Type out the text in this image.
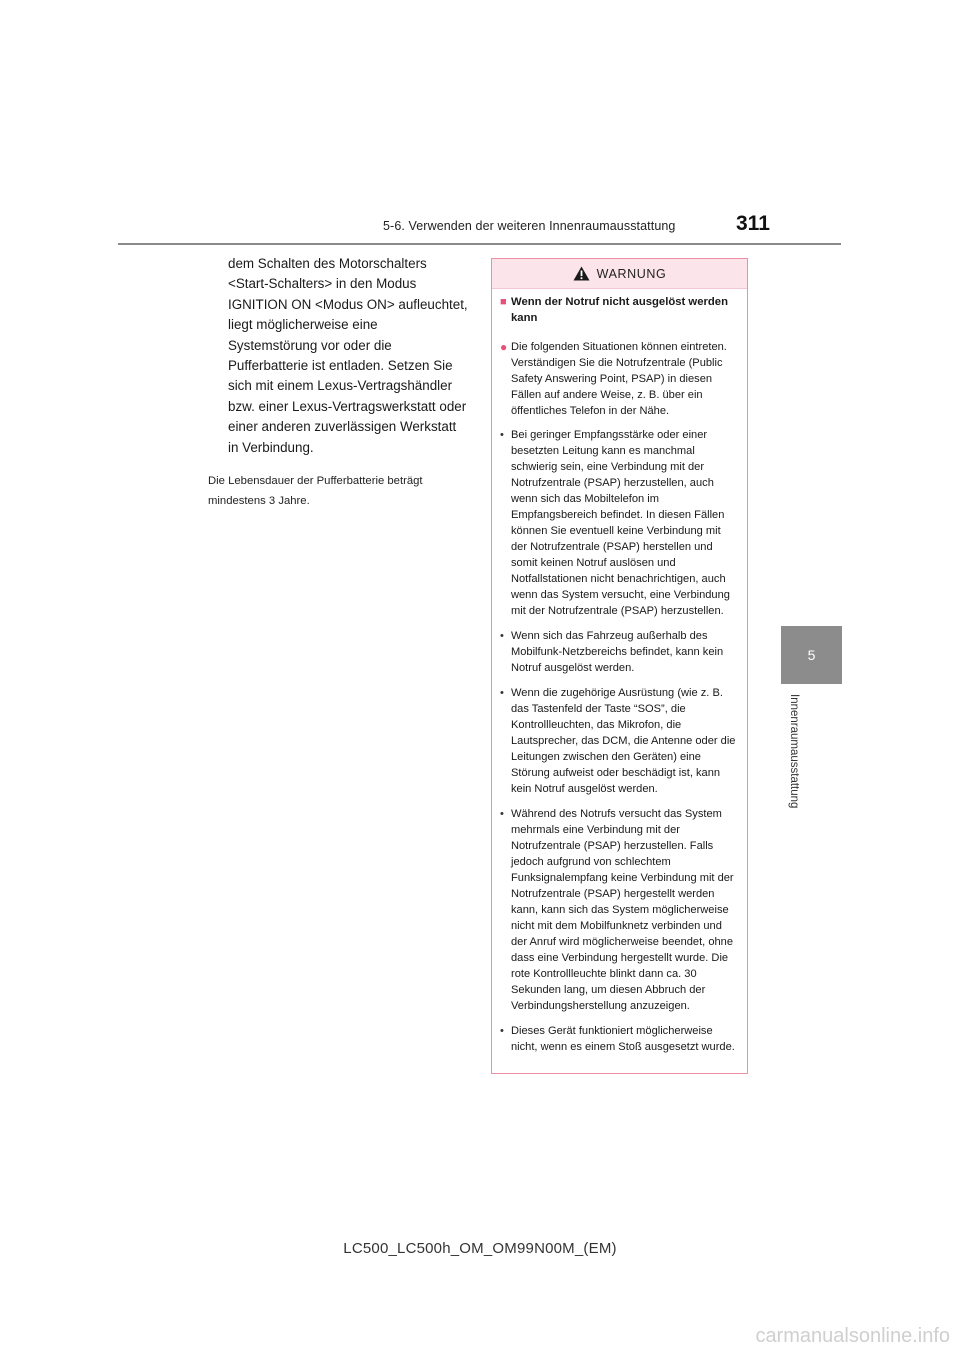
5-6. Verwenden der weiteren Innenraumausstattung	311
5
Innenraumausstattung

dem Schalten des Motorschalters <Start-Schalters> in den Modus IGNITION ON <Modus ON> aufleuchtet, liegt möglicherweise eine Systemstörung vor oder die Pufferbatterie ist entladen. Setzen Sie sich mit einem Lexus-Vertragshändler bzw. einer Lexus-Vertragswerkstatt oder einer anderen zuverlässigen Werkstatt in Verbindung.

Die Lebensdauer der Pufferbatterie beträgt mindestens 3 Jahre.

WARNUNG
■ Wenn der Notruf nicht ausgelöst werden kann
● Die folgenden Situationen können eintreten. Verständigen Sie die Notrufzentrale (Public Safety Answering Point, PSAP) in diesen Fällen auf andere Weise, z. B. über ein öffentliches Telefon in der Nähe.
• Bei geringer Empfangsstärke oder einer besetzten Leitung kann es manchmal schwierig sein, eine Verbindung mit der Notrufzentrale (PSAP) herzustellen, auch wenn sich das Mobiltelefon im Empfangsbereich befindet. In diesen Fällen können Sie eventuell keine Verbindung mit der Notrufzentrale (PSAP) herstellen und somit keinen Notruf auslösen und Notfallstationen nicht benachrichtigen, auch wenn das System versucht, eine Verbindung mit der Notrufzentrale (PSAP) herzustellen.
• Wenn sich das Fahrzeug außerhalb des Mobilfunk-Netzbereichs befindet, kann kein Notruf ausgelöst werden.
• Wenn die zugehörige Ausrüstung (wie z. B. das Tastenfeld der Taste “SOS”, die Kontrollleuchten, das Mikrofon, die Lautsprecher, das DCM, die Antenne oder die Leitungen zwischen den Geräten) eine Störung aufweist oder beschädigt ist, kann kein Notruf ausgelöst werden.
• Während des Notrufs versucht das System mehrmals eine Verbindung mit der Notrufzentrale (PSAP) herzustellen. Falls jedoch aufgrund von schlechtem Funksignalempfang keine Verbindung mit der Notrufzentrale (PSAP) hergestellt werden kann, kann sich das System möglicherweise nicht mit dem Mobilfunknetz verbinden und der Anruf wird möglicherweise beendet, ohne dass eine Verbindung hergestellt wurde. Die rote Kontrollleuchte blinkt dann ca. 30 Sekunden lang, um diesen Abbruch der Verbindungsherstellung anzuzeigen.
• Dieses Gerät funktioniert möglicherweise nicht, wenn es einem Stoß ausgesetzt wurde.
LC500_LC500h_OM_OM99N00M_(EM)
carmanualsonline.info
